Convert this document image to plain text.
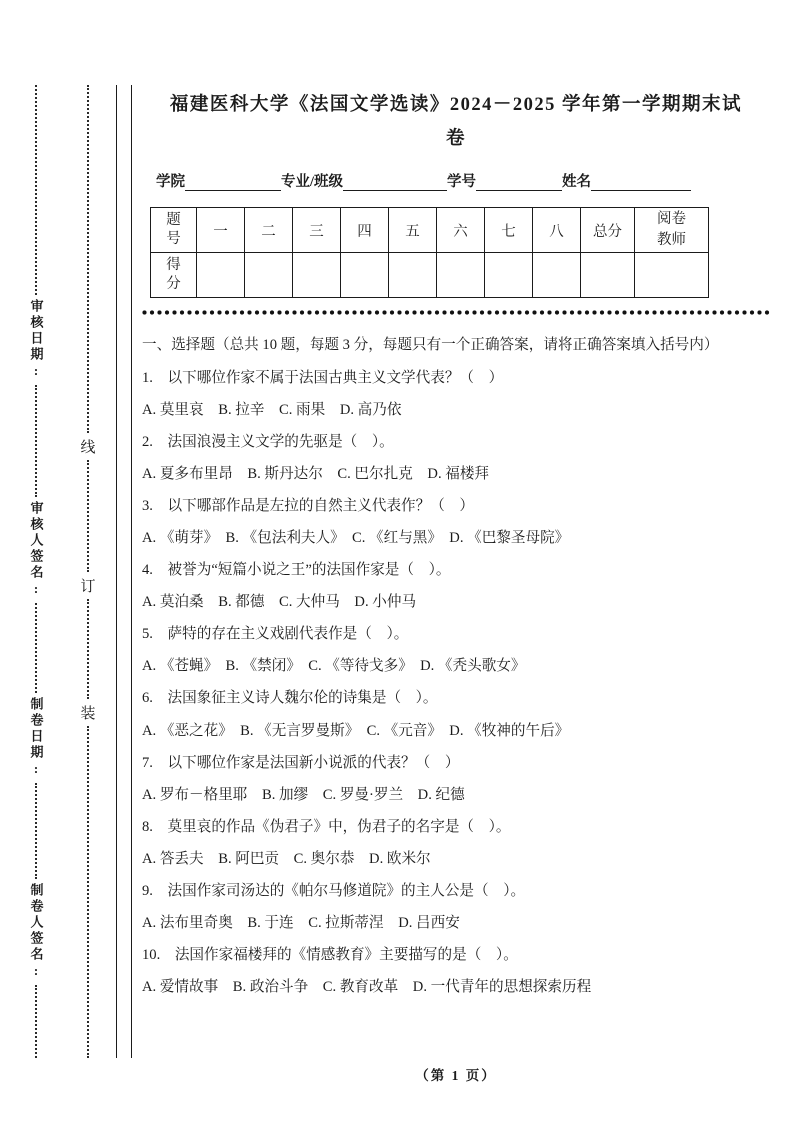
审核日期:
审核人签名:
制卷日期:
制卷人签名:
线
订
装
福建医科大学《法国文学选读》2024－2025 学年第一学期期末试卷
学院	专业/班级	学号	姓名
题号	一	二	三	四	五	六	七	八	总分	阅卷教师
得分										
一、选择题（总共 10 题，每题 3 分，每题只有一个正确答案，请将正确答案填入括号内）
1.　以下哪位作家不属于法国古典主义文学代表？（　）
A. 莫里哀　B. 拉辛　C. 雨果　D. 高乃依
2.　法国浪漫主义文学的先驱是（　）。
A. 夏多布里昂　B. 斯丹达尔　C. 巴尔扎克　D. 福楼拜
3.　以下哪部作品是左拉的自然主义代表作？（　）
A. 《萌芽》　B. 《包法利夫人》　C. 《红与黑》　D. 《巴黎圣母院》
4.　被誉为“短篇小说之王”的法国作家是（　）。
A. 莫泊桑　B. 都德　C. 大仲马　D. 小仲马
5.　萨特的存在主义戏剧代表作是（　）。
A. 《苍蝇》　B. 《禁闭》　C. 《等待戈多》　D. 《秃头歌女》
6.　法国象征主义诗人魏尔伦的诗集是（　）。
A. 《恶之花》　B. 《无言罗曼斯》　C. 《元音》　D. 《牧神的午后》
7.　以下哪位作家是法国新小说派的代表？（　）
A. 罗布－格里耶　B. 加缪　C. 罗曼·罗兰　D. 纪德
8.　莫里哀的作品《伪君子》中，伪君子的名字是（　）。
A. 答丢夫　B. 阿巴贡　C. 奥尔恭　D. 欧米尔
9.　法国作家司汤达的《帕尔马修道院》的主人公是（　）。
A. 法布里奇奥　B. 于连　C. 拉斯蒂涅　D. 吕西安
10.　法国作家福楼拜的《情感教育》主要描写的是（　）。
A. 爱情故事　B. 政治斗争　C. 教育改革　D. 一代青年的思想探索历程
（第 1 页）
